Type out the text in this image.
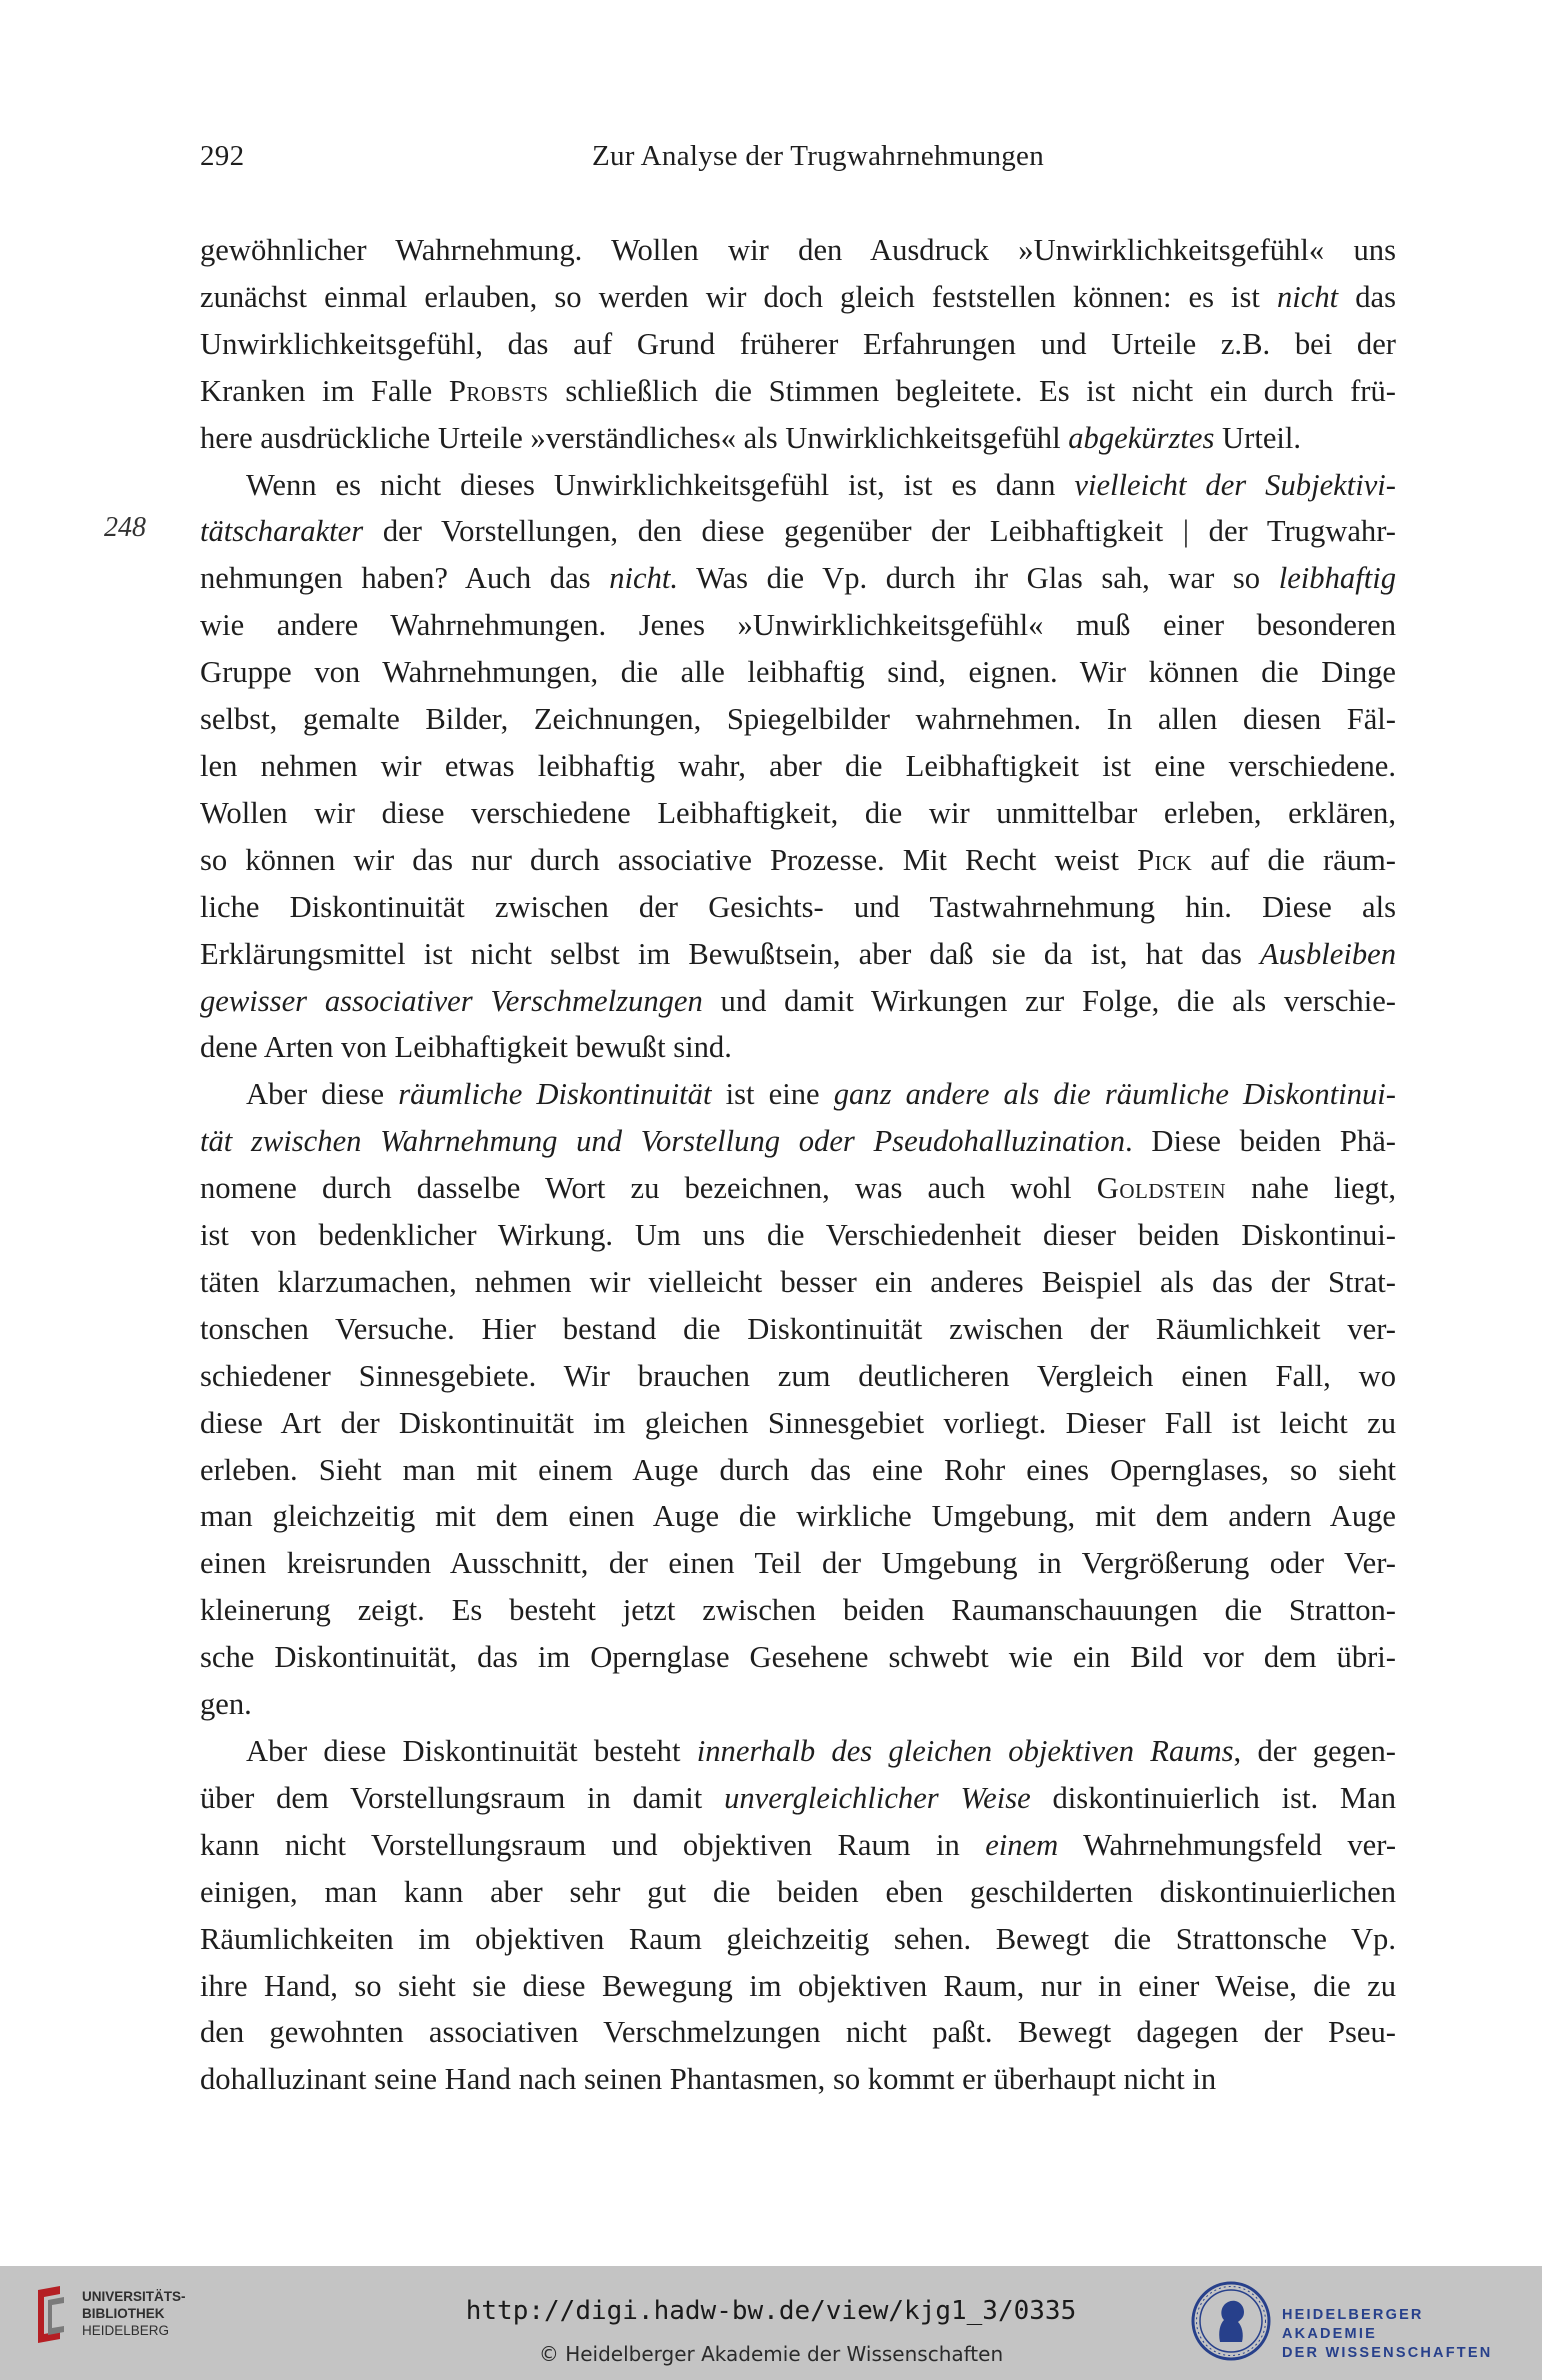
292	Zur Analyse der Trugwahrnehmungen
248

gewöhnlicher Wahrnehmung. Wollen wir den Ausdruck »Unwirklichkeitsgefühl« uns

zunächst einmal erlauben, so werden wir doch gleich feststellen können: es ist nicht das

Unwirklichkeitsgefühl, das auf Grund früherer Erfahrungen und Urteile z.B. bei der

Kranken im Falle Probsts schließlich die Stimmen begleitete. Es ist nicht ein durch frü-

here ausdrückliche Urteile »verständliches« als Unwirklichkeitsgefühl abgekürztes Urteil.

Wenn es nicht dieses Unwirklichkeitsgefühl ist, ist es dann vielleicht der Subjektivi-

tätscharakter der Vorstellungen, den diese gegenüber der Leibhaftigkeit | der Trugwahr-

nehmungen haben? Auch das nicht. Was die Vp. durch ihr Glas sah, war so leibhaftig

wie andere Wahrnehmungen. Jenes »Unwirklichkeitsgefühl« muß einer besonderen

Gruppe von Wahrnehmungen, die alle leibhaftig sind, eignen. Wir können die Dinge

selbst, gemalte Bilder, Zeichnungen, Spiegelbilder wahrnehmen. In allen diesen Fäl-

len nehmen wir etwas leibhaftig wahr, aber die Leibhaftigkeit ist eine verschiedene.

Wollen wir diese verschiedene Leibhaftigkeit, die wir unmittelbar erleben, erklären,

so können wir das nur durch associative Prozesse. Mit Recht weist Pick auf die räum-

liche Diskontinuität zwischen der Gesichts- und Tastwahrnehmung hin. Diese als

Erklärungsmittel ist nicht selbst im Bewußtsein, aber daß sie da ist, hat das Ausbleiben

gewisser associativer Verschmelzungen und damit Wirkungen zur Folge, die als verschie-

dene Arten von Leibhaftigkeit bewußt sind.

Aber diese räumliche Diskontinuität ist eine ganz andere als die räumliche Diskontinui-

tät zwischen Wahrnehmung und Vorstellung oder Pseudohalluzination. Diese beiden Phä-

nomene durch dasselbe Wort zu bezeichnen, was auch wohl Goldstein nahe liegt,

ist von bedenklicher Wirkung. Um uns die Verschiedenheit dieser beiden Diskontinui-

täten klarzumachen, nehmen wir vielleicht besser ein anderes Beispiel als das der Strat-

tonschen Versuche. Hier bestand die Diskontinuität zwischen der Räumlichkeit ver-

schiedener Sinnesgebiete. Wir brauchen zum deutlicheren Vergleich einen Fall, wo

diese Art der Diskontinuität im gleichen Sinnesgebiet vorliegt. Dieser Fall ist leicht zu

erleben. Sieht man mit einem Auge durch das eine Rohr eines Opernglases, so sieht

man gleichzeitig mit dem einen Auge die wirkliche Umgebung, mit dem andern Auge

einen kreisrunden Ausschnitt, der einen Teil der Umgebung in Vergrößerung oder Ver-

kleinerung zeigt. Es besteht jetzt zwischen beiden Raumanschauungen die Stratton-

sche Diskontinuität, das im Opernglase Gesehene schwebt wie ein Bild vor dem übri-

gen.

Aber diese Diskontinuität besteht innerhalb des gleichen objektiven Raums, der gegen-

über dem Vorstellungsraum in damit unvergleichlicher Weise diskontinuierlich ist. Man

kann nicht Vorstellungsraum und objektiven Raum in einem Wahrnehmungsfeld ver-

einigen, man kann aber sehr gut die beiden eben geschilderten diskontinuierlichen

Räumlichkeiten im objektiven Raum gleichzeitig sehen. Bewegt die Strattonsche Vp.

ihre Hand, so sieht sie diese Bewegung im objektiven Raum, nur in einer Weise, die zu

den gewohnten associativen Verschmelzungen nicht paßt. Bewegt dagegen der Pseu-

dohalluzinant seine Hand nach seinen Phantasmen, so kommt er überhaupt nicht in

UNIVERSITÄTS-
BIBLIOTHEK
HEIDELBERG
http://digi.hadw-bw.de/view/kjg1_3/0335
© Heidelberger Akademie der Wissenschaften
HEIDELBERGER AKADEMIE
DER WISSENSCHAFTEN
